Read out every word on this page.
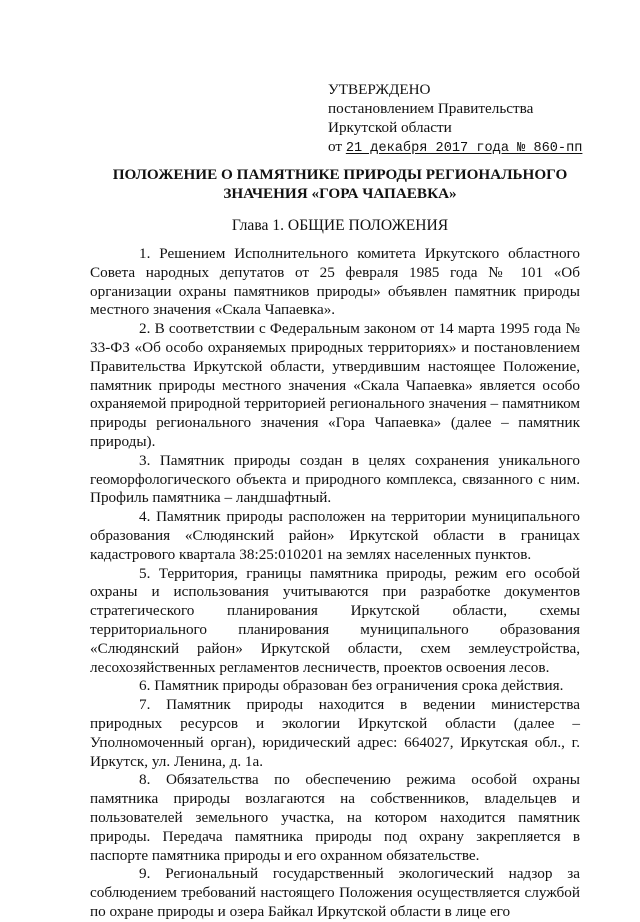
УТВЕРЖДЕНО
постановлением Правительства
Иркутской области
от 21 декабря 2017 года № 860-пп
ПОЛОЖЕНИЕ О ПАМЯТНИКЕ ПРИРОДЫ РЕГИОНАЛЬНОГО
ЗНАЧЕНИЯ «ГОРА ЧАПАЕВКА»
Глава 1. ОБЩИЕ ПОЛОЖЕНИЯ

1. Решением Исполнительного комитета Иркутского областного Совета народных депутатов от 25 февраля 1985 года № 101 «Об организации охраны памятников природы» объявлен памятник природы местного значения «Скала Чапаевка».

2. В соответствии с Федеральным законом от 14 марта 1995 года № 33-ФЗ «Об особо охраняемых природных территориях» и постановлением Правительства Иркутской области, утвердившим настоящее Положение, памятник природы местного значения «Скала Чапаевка» является особо охраняемой природной территорией регионального значения – памятником природы регионального значения «Гора Чапаевка» (далее – памятник природы).

3. Памятник природы создан в целях сохранения уникального геоморфологического объекта и природного комплекса, связанного с ним. Профиль памятника – ландшафтный.

4. Памятник природы расположен на территории муниципального образования «Слюдянский район» Иркутской области в границах кадастрового квартала 38:25:010201 на землях населенных пунктов.

5. Территория, границы памятника природы, режим его особой охраны и использования учитываются при разработке документов стратегического планирования Иркутской области, схемы территориального планирования муниципального образования «Слюдянский район» Иркутской области, схем землеустройства, лесохозяйственных регламентов лесничеств, проектов освоения лесов.

6. Памятник природы образован без ограничения срока действия.

7. Памятник природы находится в ведении министерства природных ресурсов и экологии Иркутской области (далее – Уполномоченный орган), юридический адрес: 664027, Иркутская обл., г. Иркутск, ул. Ленина, д. 1а.

8. Обязательства по обеспечению режима особой охраны памятника природы возлагаются на собственников, владельцев и пользователей земельного участка, на котором находится памятник природы. Передача памятника природы под охрану закрепляется в паспорте памятника природы и его охранном обязательстве.

9. Региональный государственный экологический надзор за соблюдением требований настоящего Положения осуществляется службой по охране природы и озера Байкал Иркутской области в лице его
